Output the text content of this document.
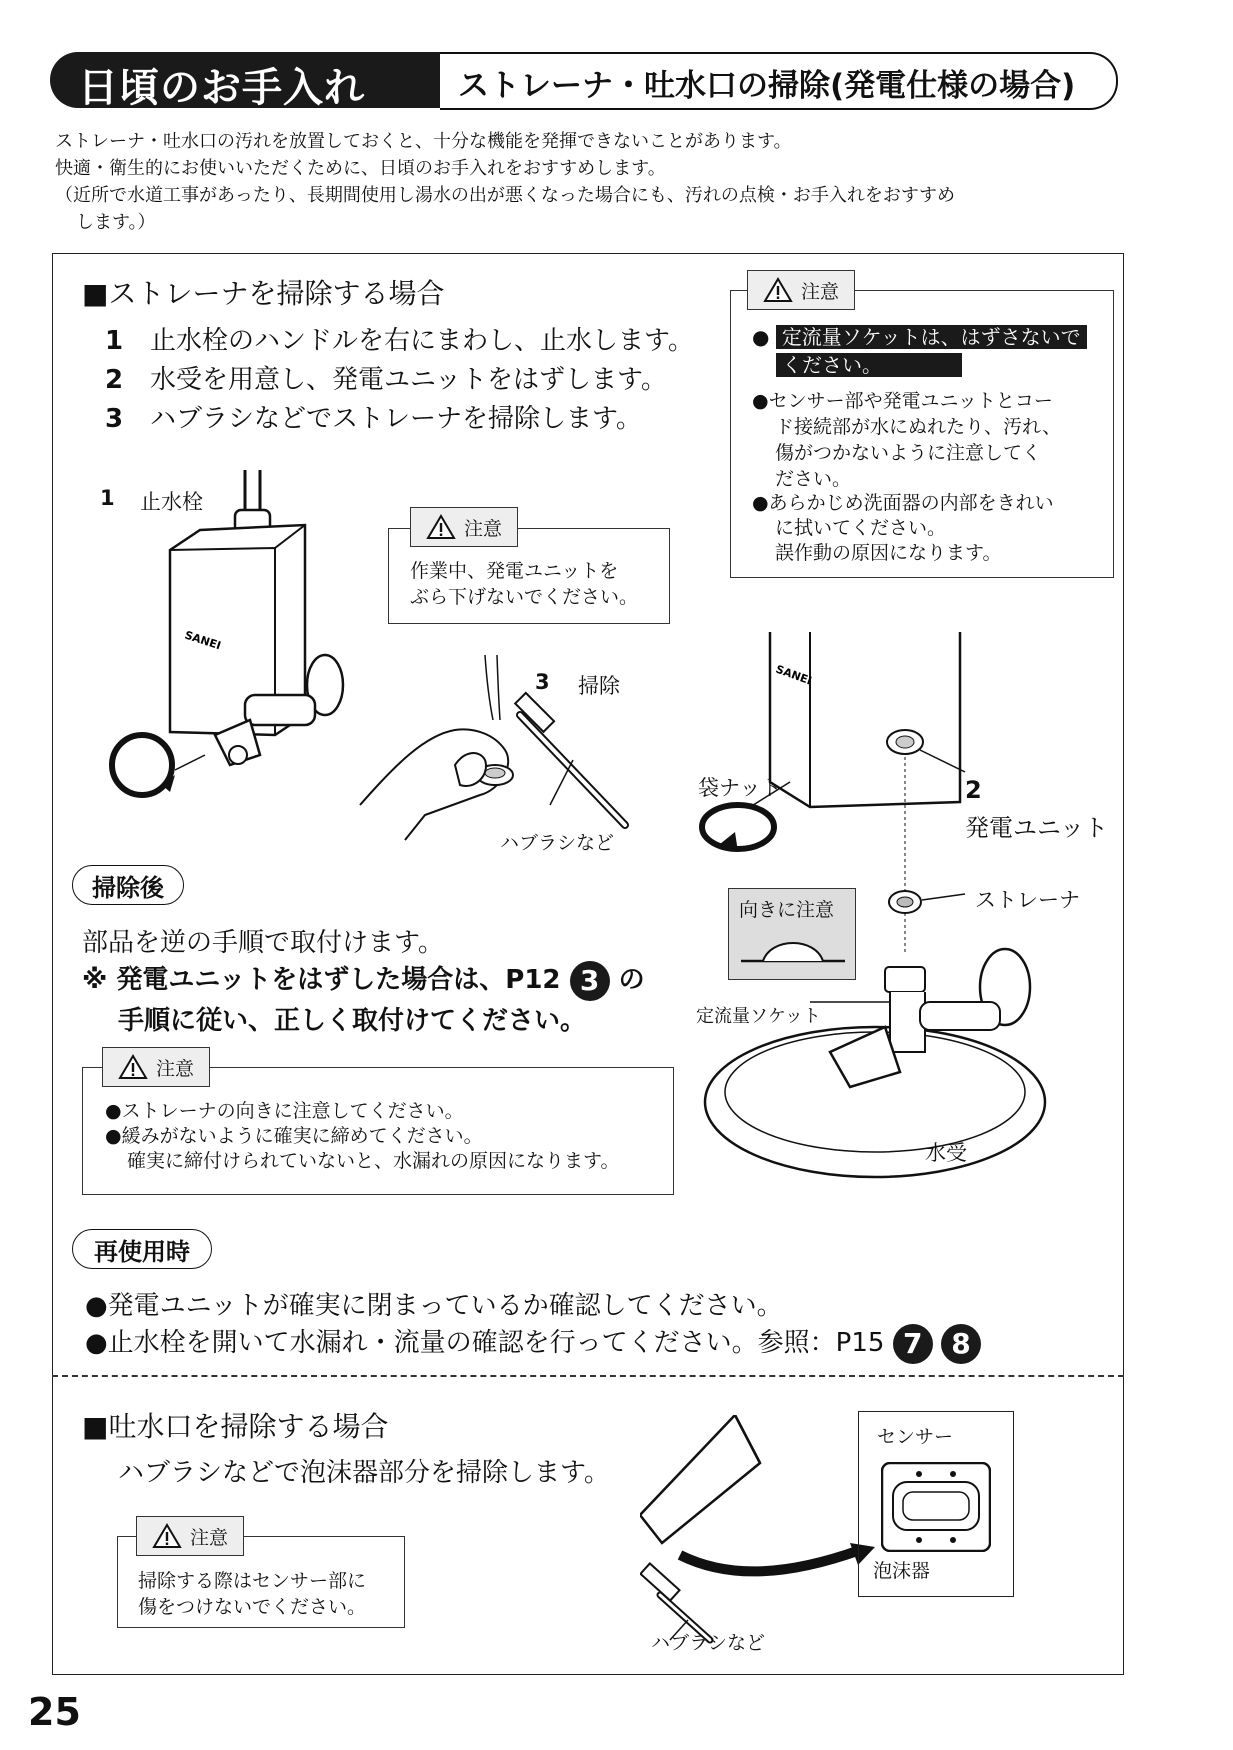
日頃のお手入れ	ストレーナ・吐水口の掃除(発電仕様の場合)
ストレーナ・吐水口の汚れを放置しておくと、十分な機能を発揮できないことがあります。
快適・衛生的にお使いいただくために、日頃のお手入れをおすすめします。
（近所で水道工事があったり、長期間使用し湯水の出が悪くなった場合にも、汚れの点検・お手入れをおすすめ
します。）
■ストレーナを掃除する場合
1 止水栓のハンドルを右にまわし、止水します。
2 水受を用意し、発電ユニットをはずします。
3 ハブラシなどでストレーナを掃除します。
注意
● 定流量ソケットは、はずさないで
ください。
●センサー部や発電ユニットとコー
ド接続部が水にぬれたり、汚れ、
傷がつかないように注意してく
ださい。
●あらかじめ洗面器の内部をきれい
に拭いてください。
誤作動の原因になります。
注意
作業中、発電ユニットを
ぶら下げないでください。
SANEI
1 止水栓
3 掃除
ハブラシなど
SANEI
袋ナット	2
発電ユニット
ストレーナ
向きに注意
定流量ソケット
水受
掃除後
部品を逆の手順で取付けます。
※ 発電ユニットをはずした場合は、P12 3 の
手順に従い、正しく取付けてください。
注意
●ストレーナの向きに注意してください。
●緩みがないように確実に締めてください。
確実に締付けられていないと、水漏れの原因になります。
再使用時
●発電ユニットが確実に閉まっているか確認してください。
●止水栓を開いて水漏れ・流量の確認を行ってください。参照：P15 7 8
■吐水口を掃除する場合
ハブラシなどで泡沫器部分を掃除します。
注意
掃除する際はセンサー部に
傷をつけないでください。
センサー
泡沫器
ハブラシなど
25
